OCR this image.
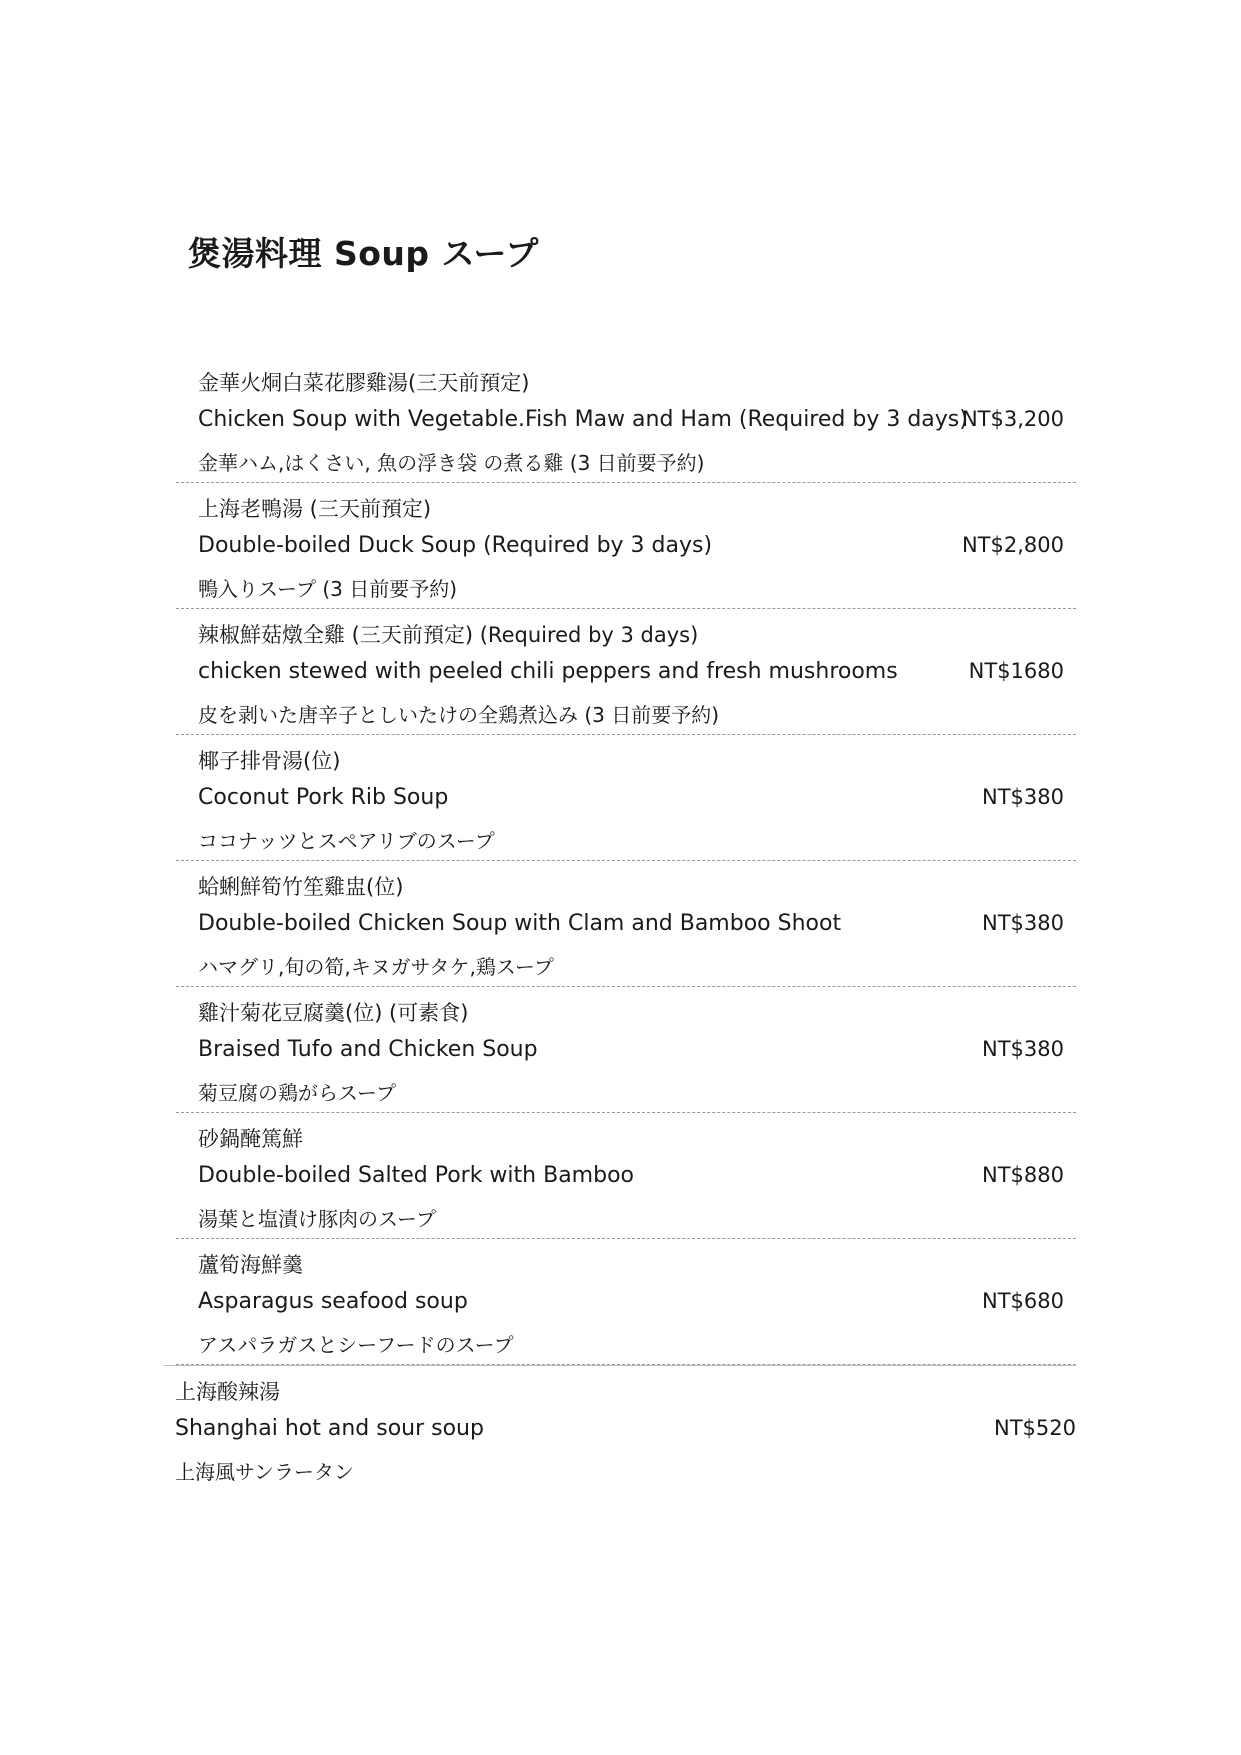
煲湯料理 Soup スープ
金華火烔白菜花膠雞湯(三天前預定)
Chicken Soup with Vegetable.Fish Maw and Ham (Required by 3 days)
金華ハム,はくさい, 魚の浮き袋 の煮る雞 (3 日前要予約)
NT$3,200
上海老鴨湯 (三天前預定)
Double-boiled Duck Soup (Required by 3 days)
鴨入りスープ (3 日前要予約)
NT$2,800
辣椒鮮菇燉全雞 (三天前預定) (Required by 3 days)
chicken stewed with peeled chili peppers and fresh mushrooms
皮を剥いた唐辛子としいたけの全鶏煮込み (3 日前要予約)
NT$1680
椰子排骨湯(位)
Coconut Pork Rib Soup
ココナッツとスペアリブのスープ
NT$380
蛤蜊鮮筍竹笙雞盅(位)
Double-boiled Chicken Soup with Clam and Bamboo Shoot
ハマグリ,旬の筍,キヌガサタケ,鶏スープ
NT$380
雞汁菊花豆腐羹(位) (可素食)
Braised Tufo and Chicken Soup
菊豆腐の鶏がらスープ
NT$380
砂鍋醃篤鮮
Double-boiled Salted Pork with Bamboo
湯葉と塩漬け豚肉のスープ
NT$880
蘆筍海鮮羹
Asparagus seafood soup
アスパラガスとシーフードのスープ
NT$680
上海酸辣湯
Shanghai hot and sour soup
上海風サンラータン
NT$520
